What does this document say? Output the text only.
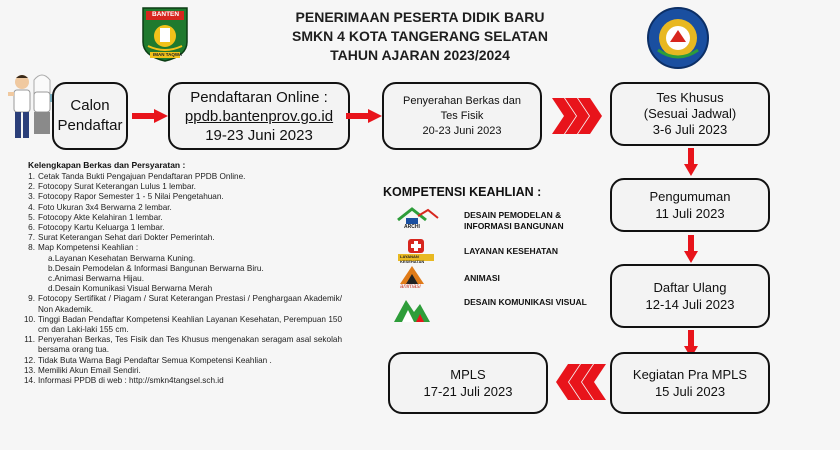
PENERIMAAN PESERTA DIDIK BARU
SMKN 4 KOTA TANGERANG SELATAN
TAHUN AJARAN 2023/2024
BANTEN
IMAN TAQWA
Calon
Pendaftar
Pendaftaran Online :
ppdb.bantenprov.go.id
19-23 Juni 2023
Penyerahan Berkas dan
Tes Fisik
20-23 Juni 2023
Tes Khusus
(Sesuai Jadwal)
3-6 Juli 2023
Pengumuman
11 Juli 2023
Daftar Ulang
12-14 Juli 2023
Kegiatan Pra MPLS
15 Juli 2023
MPLS
17-21 Juli 2023
Kelengkapan Berkas dan Persyaratan :
1. Cetak Tanda Bukti Pengajuan Pendaftaran PPDB Online.
2. Fotocopy Surat Keterangan Lulus 1 lembar.
3. Fotocopy Rapor Semester 1 - 5 Nilai Pengetahuan.
4. Foto Ukuran 3x4 Berwarna 2 lembar.
5. Fotocopy Akte Kelahiran 1 lembar.
6. Fotocopy Kartu Keluarga 1 lembar.
7. Surat Keterangan Sehat dari Dokter Pemerintah.
8. Map Kompetensi Keahlian :
a.Layanan Kesehatan Berwarna Kuning.
b.Desain Pemodelan & Informasi Bangunan Berwarna Biru.
c.Animasi Berwarna Hijau.
d.Desain Komunikasi Visual Berwarna Merah
9. Fotocopy Sertifikat / Piagam / Surat Keterangan Prestasi / Penghargaan Akademik/ Non Akademik.
10. Tinggi Badan Pendaftar Kompetensi Keahlian Layanan Kesehatan, Perempuan 150 cm dan Laki-laki 155 cm.
11. Penyerahan Berkas, Tes Fisik dan Tes Khusus mengenakan seragam asal sekolah bersama orang tua.
12. Tidak Buta Warna Bagi Pendaftar Semua Kompetensi Keahlian .
13. Memiliki Akun Email Sendiri.
14. Informasi PPDB di web : http://smkn4tangsel.sch.id
KOMPETENSI KEAHLIAN :
ARCHI
DESAIN PEMODELAN & INFORMASI BANGUNAN
LAYANAN KESEHATAN
LAYANAN KESEHATAN
animasi
ANIMASI
DESAIN KOMUNIKASI VISUAL
